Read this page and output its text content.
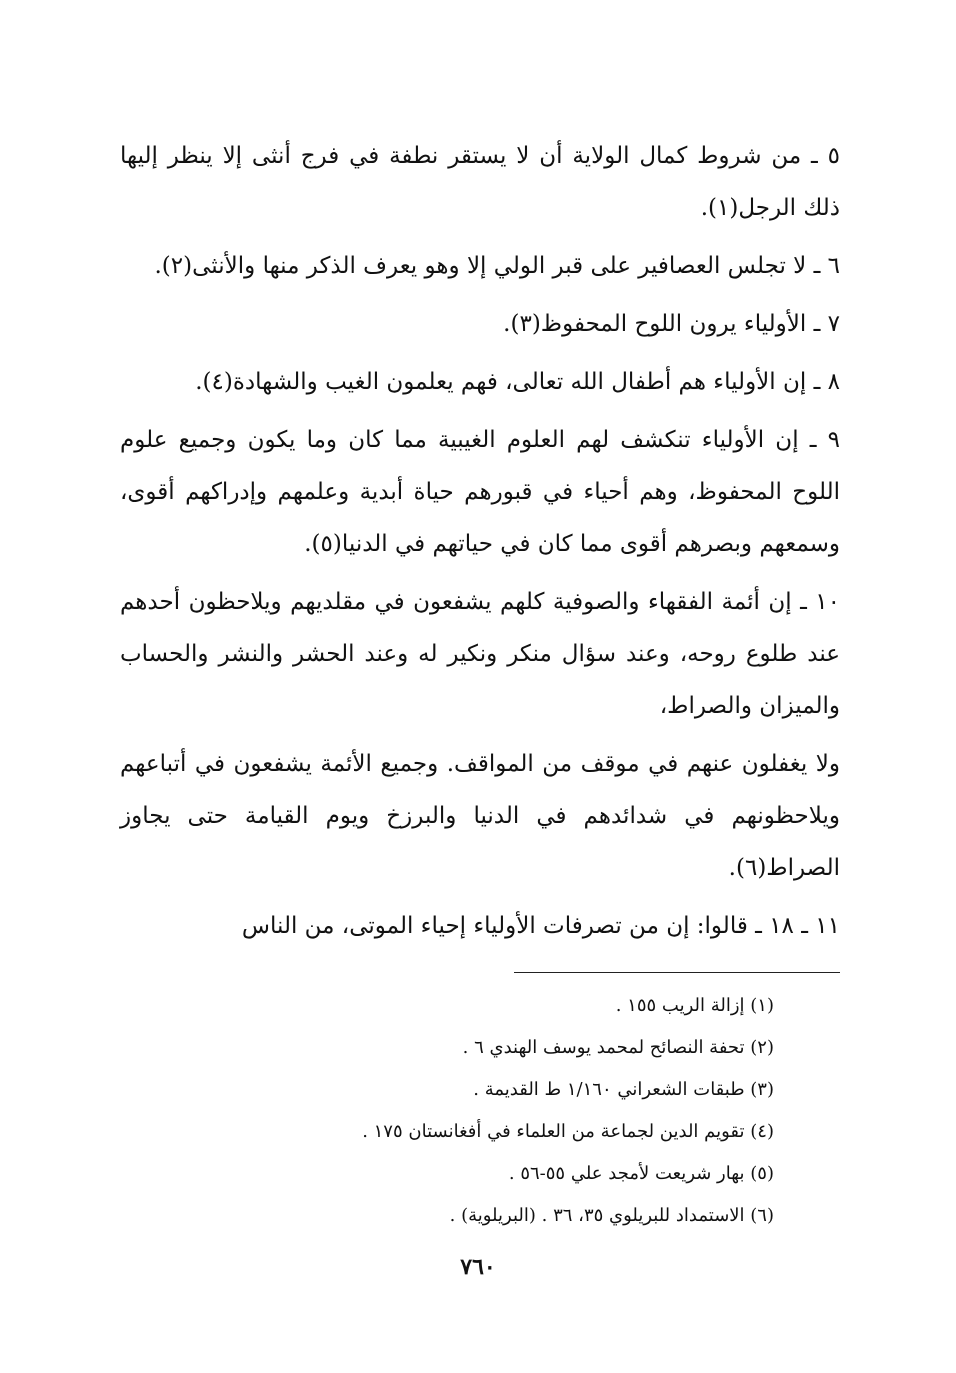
٥ ـ من شروط كمال الولاية أن لا يستقر نطفة في فرج أنثى إلا ينظر إليها ذلك الرجل(١).

٦ ـ لا تجلس العصافير على قبر الولي إلا وهو يعرف الذكر منها والأنثى(٢).

٧ ـ الأولياء يرون اللوح المحفوظ(٣).

٨ ـ إن الأولياء هم أطفال الله تعالى، فهم يعلمون الغيب والشهادة(٤).

٩ ـ إن الأولياء تنكشف لهم العلوم الغيبية مما كان وما يكون وجميع علوم اللوح المحفوظ، وهم أحياء في قبورهم حياة أبدية وعلمهم وإدراكهم أقوى، وسمعهم وبصرهم أقوى مما كان في حياتهم في الدنيا(٥).

١٠ ـ إن أئمة الفقهاء والصوفية كلهم يشفعون في مقلديهم ويلاحظون أحدهم عند طلوع روحه، وعند سؤال منكر ونكير له وعند الحشر والنشر والحساب والميزان والصراط،

ولا يغفلون عنهم في موقف من المواقف. وجميع الأئمة يشفعون في أتباعهم ويلاحظونهم في شدائدهم في الدنيا والبرزخ ويوم القيامة حتى يجاوز الصراط(٦).

١١ ـ ١٨ ـ قالوا: إن من تصرفات الأولياء إحياء الموتى، من الناس

(١) إزالة الريب ١٥٥ .

(٢) تحفة النصائح لمحمد يوسف الهندي ٦ .

(٣) طبقات الشعراني ١/١٦٠ ط القديمة .

(٤) تقويم الدين لجماعة من العلماء في أفغانستان ١٧٥ .

(٥) بهار شريعت لأمجد علي ٥٥-٥٦ .

(٦) الاستمداد للبريلوي ٣٥، ٣٦ . (البريلوية) .

٧٦٠
